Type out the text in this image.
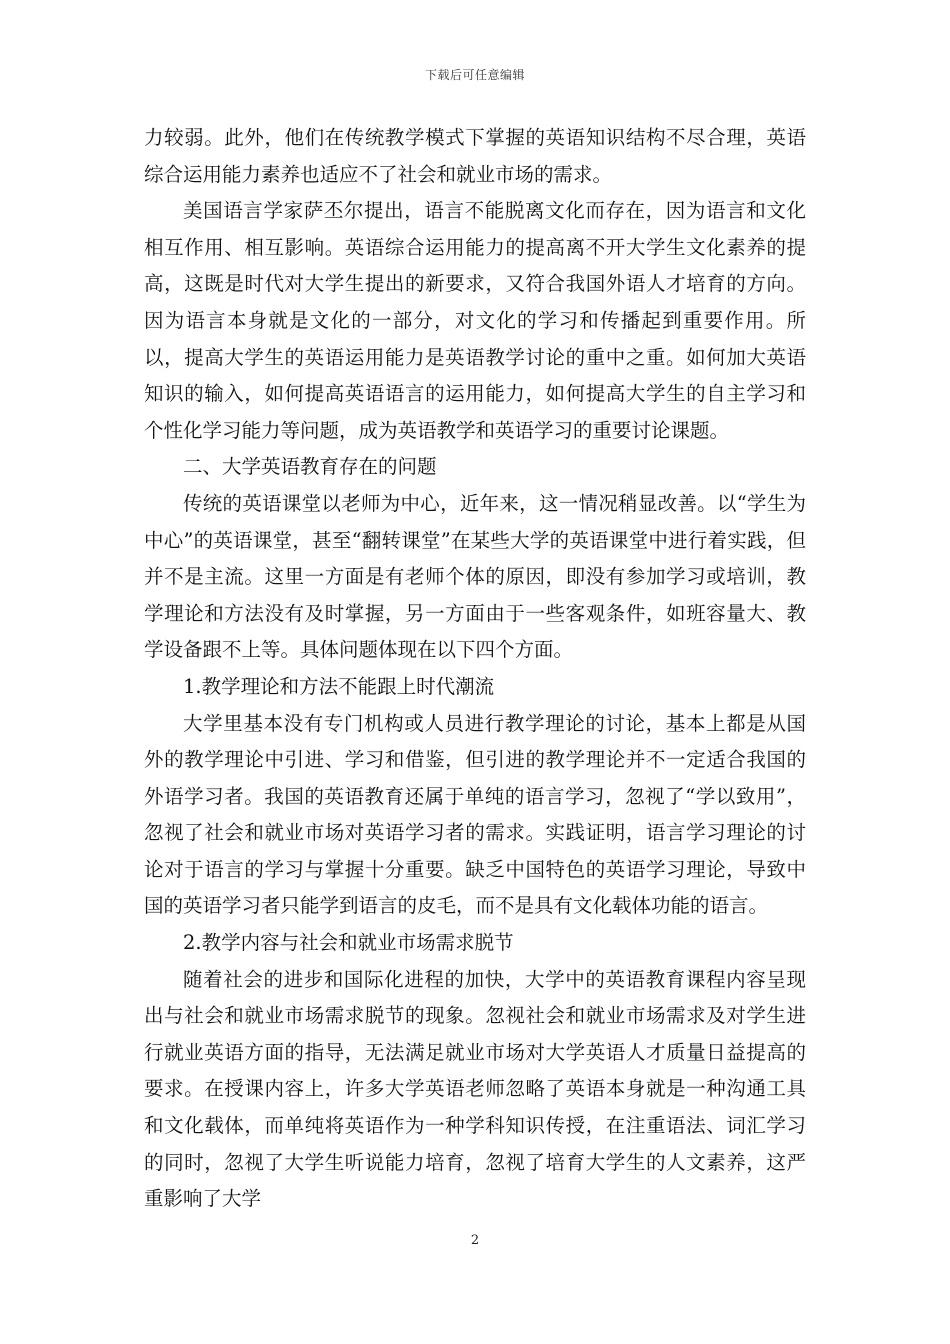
下载后可任意编辑

力较弱。此外，他们在传统教学模式下掌握的英语知识结构不尽合理，英语综合运用能力素养也适应不了社会和就业市场的需求。

美国语言学家萨丕尔提出，语言不能脱离文化而存在，因为语言和文化相互作用、相互影响。英语综合运用能力的提高离不开大学生文化素养的提高，这既是时代对大学生提出的新要求，又符合我国外语人才培育的方向。因为语言本身就是文化的一部分，对文化的学习和传播起到重要作用。所以，提高大学生的英语运用能力是英语教学讨论的重中之重。如何加大英语知识的输入，如何提高英语语言的运用能力，如何提高大学生的自主学习和个性化学习能力等问题，成为英语教学和英语学习的重要讨论课题。

二、大学英语教育存在的问题

传统的英语课堂以老师为中心，近年来，这一情况稍显改善。以“学生为中心”的英语课堂，甚至“翻转课堂”在某些大学的英语课堂中进行着实践，但并不是主流。这里一方面是有老师个体的原因，即没有参加学习或培训，教学理论和方法没有及时掌握，另一方面由于一些客观条件，如班容量大、教学设备跟不上等。具体问题体现在以下四个方面。

1.教学理论和方法不能跟上时代潮流

大学里基本没有专门机构或人员进行教学理论的讨论，基本上都是从国外的教学理论中引进、学习和借鉴，但引进的教学理论并不一定适合我国的外语学习者。我国的英语教育还属于单纯的语言学习，忽视了“学以致用”，忽视了社会和就业市场对英语学习者的需求。实践证明，语言学习理论的讨论对于语言的学习与掌握十分重要。缺乏中国特色的英语学习理论，导致中国的英语学习者只能学到语言的皮毛，而不是具有文化载体功能的语言。

2.教学内容与社会和就业市场需求脱节

随着社会的进步和国际化进程的加快，大学中的英语教育课程内容呈现出与社会和就业市场需求脱节的现象。忽视社会和就业市场需求及对学生进行就业英语方面的指导，无法满足就业市场对大学英语人才质量日益提高的要求。在授课内容上，许多大学英语老师忽略了英语本身就是一种沟通工具和文化载体，而单纯将英语作为一种学科知识传授，在注重语法、词汇学习的同时，忽视了大学生听说能力培育，忽视了培育大学生的人文素养，这严重影响了大学

2
